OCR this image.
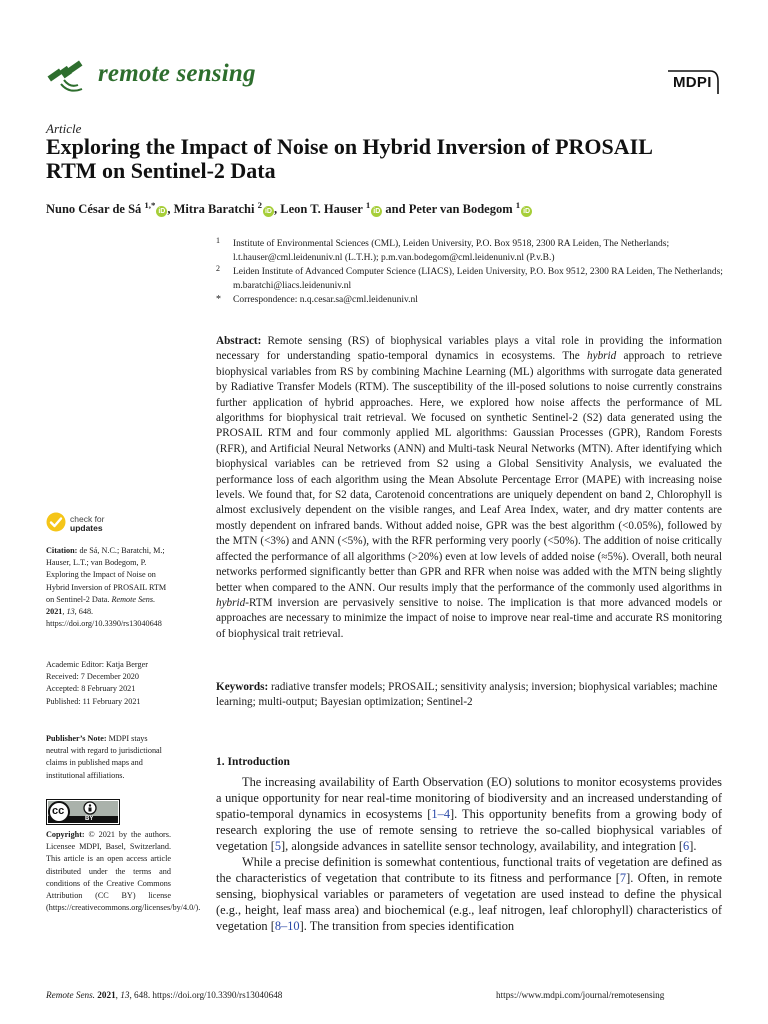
remote sensing	MDPI
Article
Exploring the Impact of Noise on Hybrid Inversion of PROSAIL RTM on Sentinel-2 Data
Nuno César de Sá $^{1,*}$iD , Mitra Baratchi $^2$iD , Leon T. Hauser $^1$iD and Peter van Bodegom $^1$iD
1 Institute of Environmental Sciences (CML), Leiden University, P.O. Box 9518, 2300 RA Leiden, The Netherlands; l.t.hauser@cml.leidenuniv.nl (L.T.H.); p.m.van.bodegom@cml.leidenuniv.nl (P.v.B.)
2 Leiden Institute of Advanced Computer Science (LIACS), Leiden University, P.O. Box 9512, 2300 RA Leiden, The Netherlands; m.baratchi@liacs.leidenuniv.nl
* Correspondence: n.q.cesar.sa@cml.leidenuniv.nl
Abstract: Remote sensing (RS) of biophysical variables plays a vital role in providing the information necessary for understanding spatio-temporal dynamics in ecosystems. The hybrid approach to retrieve biophysical variables from RS by combining Machine Learning (ML) algorithms with surrogate data generated by Radiative Transfer Models (RTM). The susceptibility of the ill-posed solutions to noise currently constrains further application of hybrid approaches. Here, we explored how noise affects the performance of ML algorithms for biophysical trait retrieval. We focused on synthetic Sentinel-2 (S2) data generated using the PROSAIL RTM and four commonly applied ML algorithms: Gaussian Processes (GPR), Random Forests (RFR), and Artificial Neural Networks (ANN) and Multi-task Neural Networks (MTN). After identifying which biophysical variables can be retrieved from S2 using a Global Sensitivity Analysis, we evaluated the performance loss of each algorithm using the Mean Absolute Percentage Error (MAPE) with increasing noise levels. We found that, for S2 data, Carotenoid concentrations are uniquely dependent on band 2, Chlorophyll is almost exclusively dependent on the visible ranges, and Leaf Area Index, water, and dry matter contents are mostly dependent on infrared bands. Without added noise, GPR was the best algorithm (<0.05%), followed by the MTN (<3%) and ANN (<5%), with the RFR performing very poorly (<50%). The addition of noise critically affected the performance of all algorithms (>20%) even at low levels of added noise (≈5%). Overall, both neural networks performed significantly better than GPR and RFR when noise was added with the MTN being slightly better when compared to the ANN. Our results imply that the performance of the commonly used algorithms in hybrid-RTM inversion are pervasively sensitive to noise. The implication is that more advanced models or approaches are necessary to minimize the impact of noise to improve near real-time and accurate RS monitoring of biophysical trait retrieval.
Keywords: radiative transfer models; PROSAIL; sensitivity analysis; inversion; biophysical variables; machine learning; multi-output; Bayesian optimization; Sentinel-2
1. Introduction

The increasing availability of Earth Observation (EO) solutions to monitor ecosystems provides a unique opportunity for near real-time monitoring of biodiversity and an increased understanding of spatio-temporal dynamics in ecosystems [1–4]. This opportunity benefits from a growing body of research exploring the use of remote sensing to retrieve the so-called biophysical variables of vegetation [5], alongside advances in satellite sensor technology, availability, and integration [6].

While a precise definition is somewhat contentious, functional traits of vegetation are defined as the characteristics of vegetation that contribute to its fitness and performance [7]. Often, in remote sensing, biophysical variables or parameters of vegetation are used instead to define the physical (e.g., height, leaf mass area) and biochemical (e.g., leaf nitrogen, leaf chlorophyll) characteristics of vegetation [8–10]. The transition from species identification

check for
updates
Citation: de Sá, N.C.; Baratchi, M.; Hauser, L.T.; van Bodegom, P. Exploring the Impact of Noise on Hybrid Inversion of PROSAIL RTM on Sentinel-2 Data. Remote Sens. 2021, 13, 648. https://doi.org/10.3390/rs13040648
Academic Editor: Katja Berger
Received: 7 December 2020
Accepted: 8 February 2021
Published: 11 February 2021
Publisher’s Note: MDPI stays neutral with regard to jurisdictional claims in published maps and institutional affiliations.
cc
BY
Copyright: © 2021 by the authors. Licensee MDPI, Basel, Switzerland. This article is an open access article distributed under the terms and conditions of the Creative Commons Attribution (CC BY) license (https://creativecommons.org/licenses/by/4.0/).
Remote Sens. 2021, 13, 648. https://doi.org/10.3390/rs13040648	https://www.mdpi.com/journal/remotesensing
